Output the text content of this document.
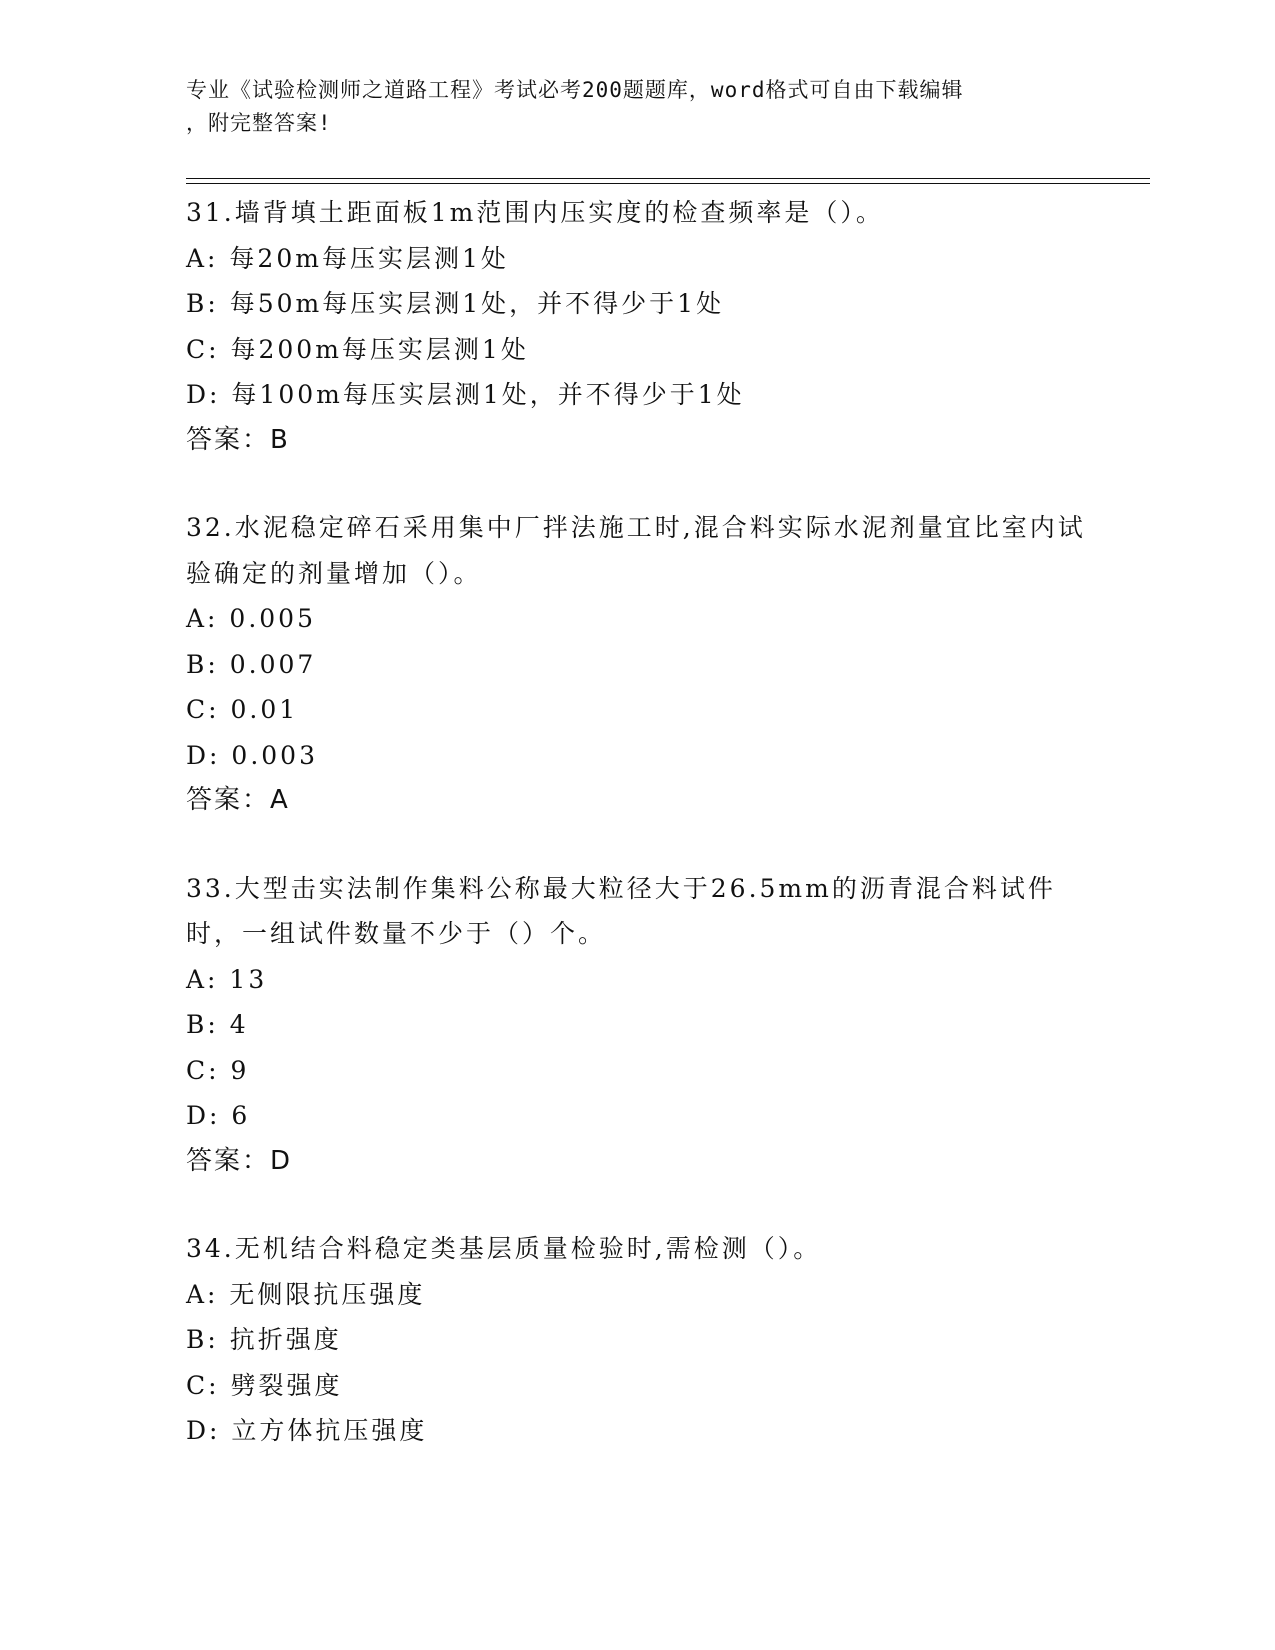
专业《试验检测师之道路工程》考试必考200题题库，word格式可自由下载编辑
，附完整答案!
31.墙背填土距面板1m范围内压实度的检查频率是（）。
A: 每20m每压实层测1处
B: 每50m每压实层测1处，并不得少于1处
C: 每200m每压实层测1处
D: 每100m每压实层测1处，并不得少于1处
答案：B
32.水泥稳定碎石采用集中厂拌法施工时,混合料实际水泥剂量宜比室内试验确定的剂量增加（）。
A: 0.005
B: 0.007
C: 0.01
D: 0.003
答案：A
33.大型击实法制作集料公称最大粒径大于26.5mm的沥青混合料试件时，一组试件数量不少于（）个。
A: 13
B: 4
C: 9
D: 6
答案：D
34.无机结合料稳定类基层质量检验时,需检测（）。
A: 无侧限抗压强度
B: 抗折强度
C: 劈裂强度
D: 立方体抗压强度
